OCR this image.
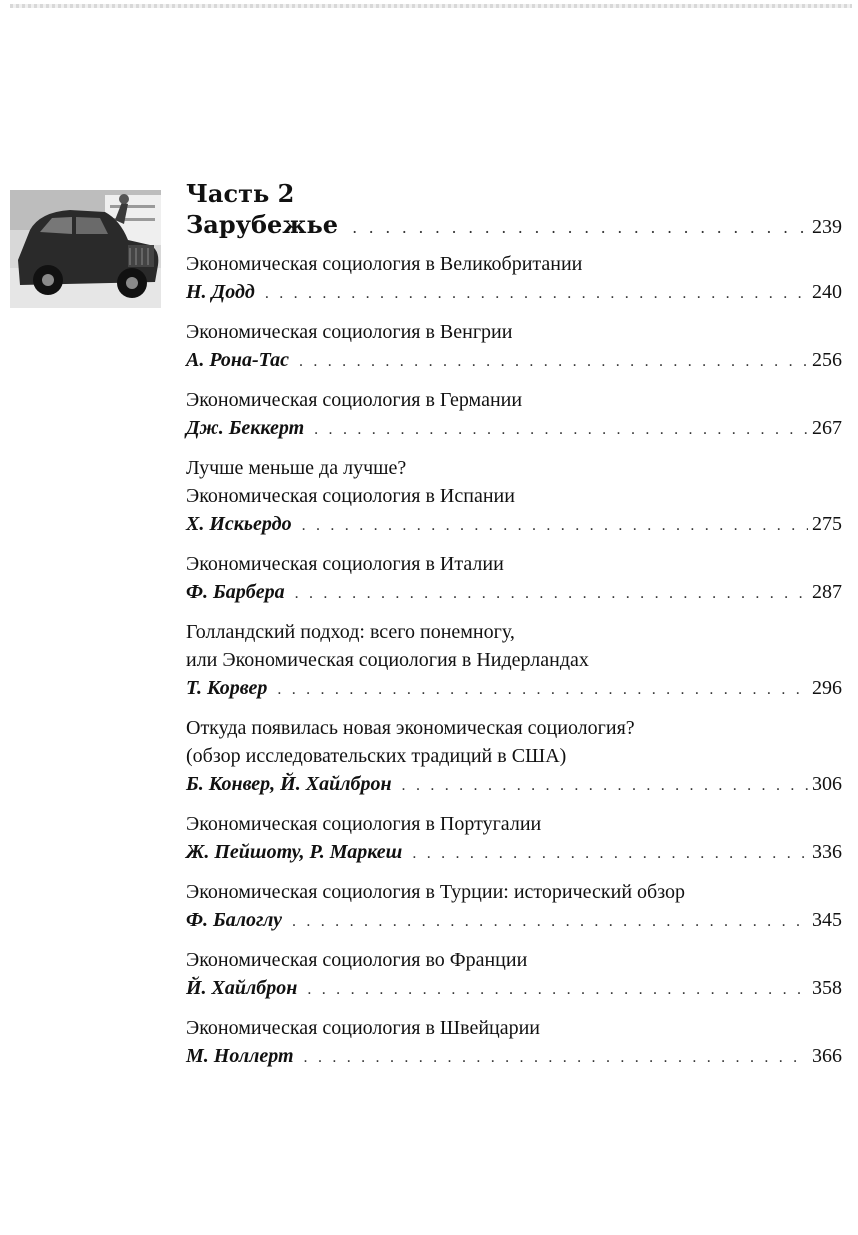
Часть 2
Зарубежье . . .	239
Экономическая социология в Великобритании
Н. Додд . . .	240
Экономическая социология в Венгрии
А. Рона-Тас . . .	256
Экономическая социология в Германии
Дж. Беккерт . . .	267
Лучше меньше да лучше?
Экономическая социология в Испании
Х. Искьердо . . .	275
Экономическая социология в Италии
Ф. Барбера . . .	287
Голландский подход: всего понемногу,
или Экономическая социология в Нидерландах
Т. Корвер . . .	296
Откуда появилась новая экономическая социология?
(обзор исследовательских традиций в США)
Б. Конвер, Й. Хайлброн . . .	306
Экономическая социология в Португалии
Ж. Пейшоту, Р. Маркеш . . .	336
Экономическая социология в Турции: исторический обзор
Ф. Балоглу . . .	345
Экономическая социология во Франции
Й. Хайлброн . . .	358
Экономическая социология в Швейцарии
М. Ноллерт . . .	366
